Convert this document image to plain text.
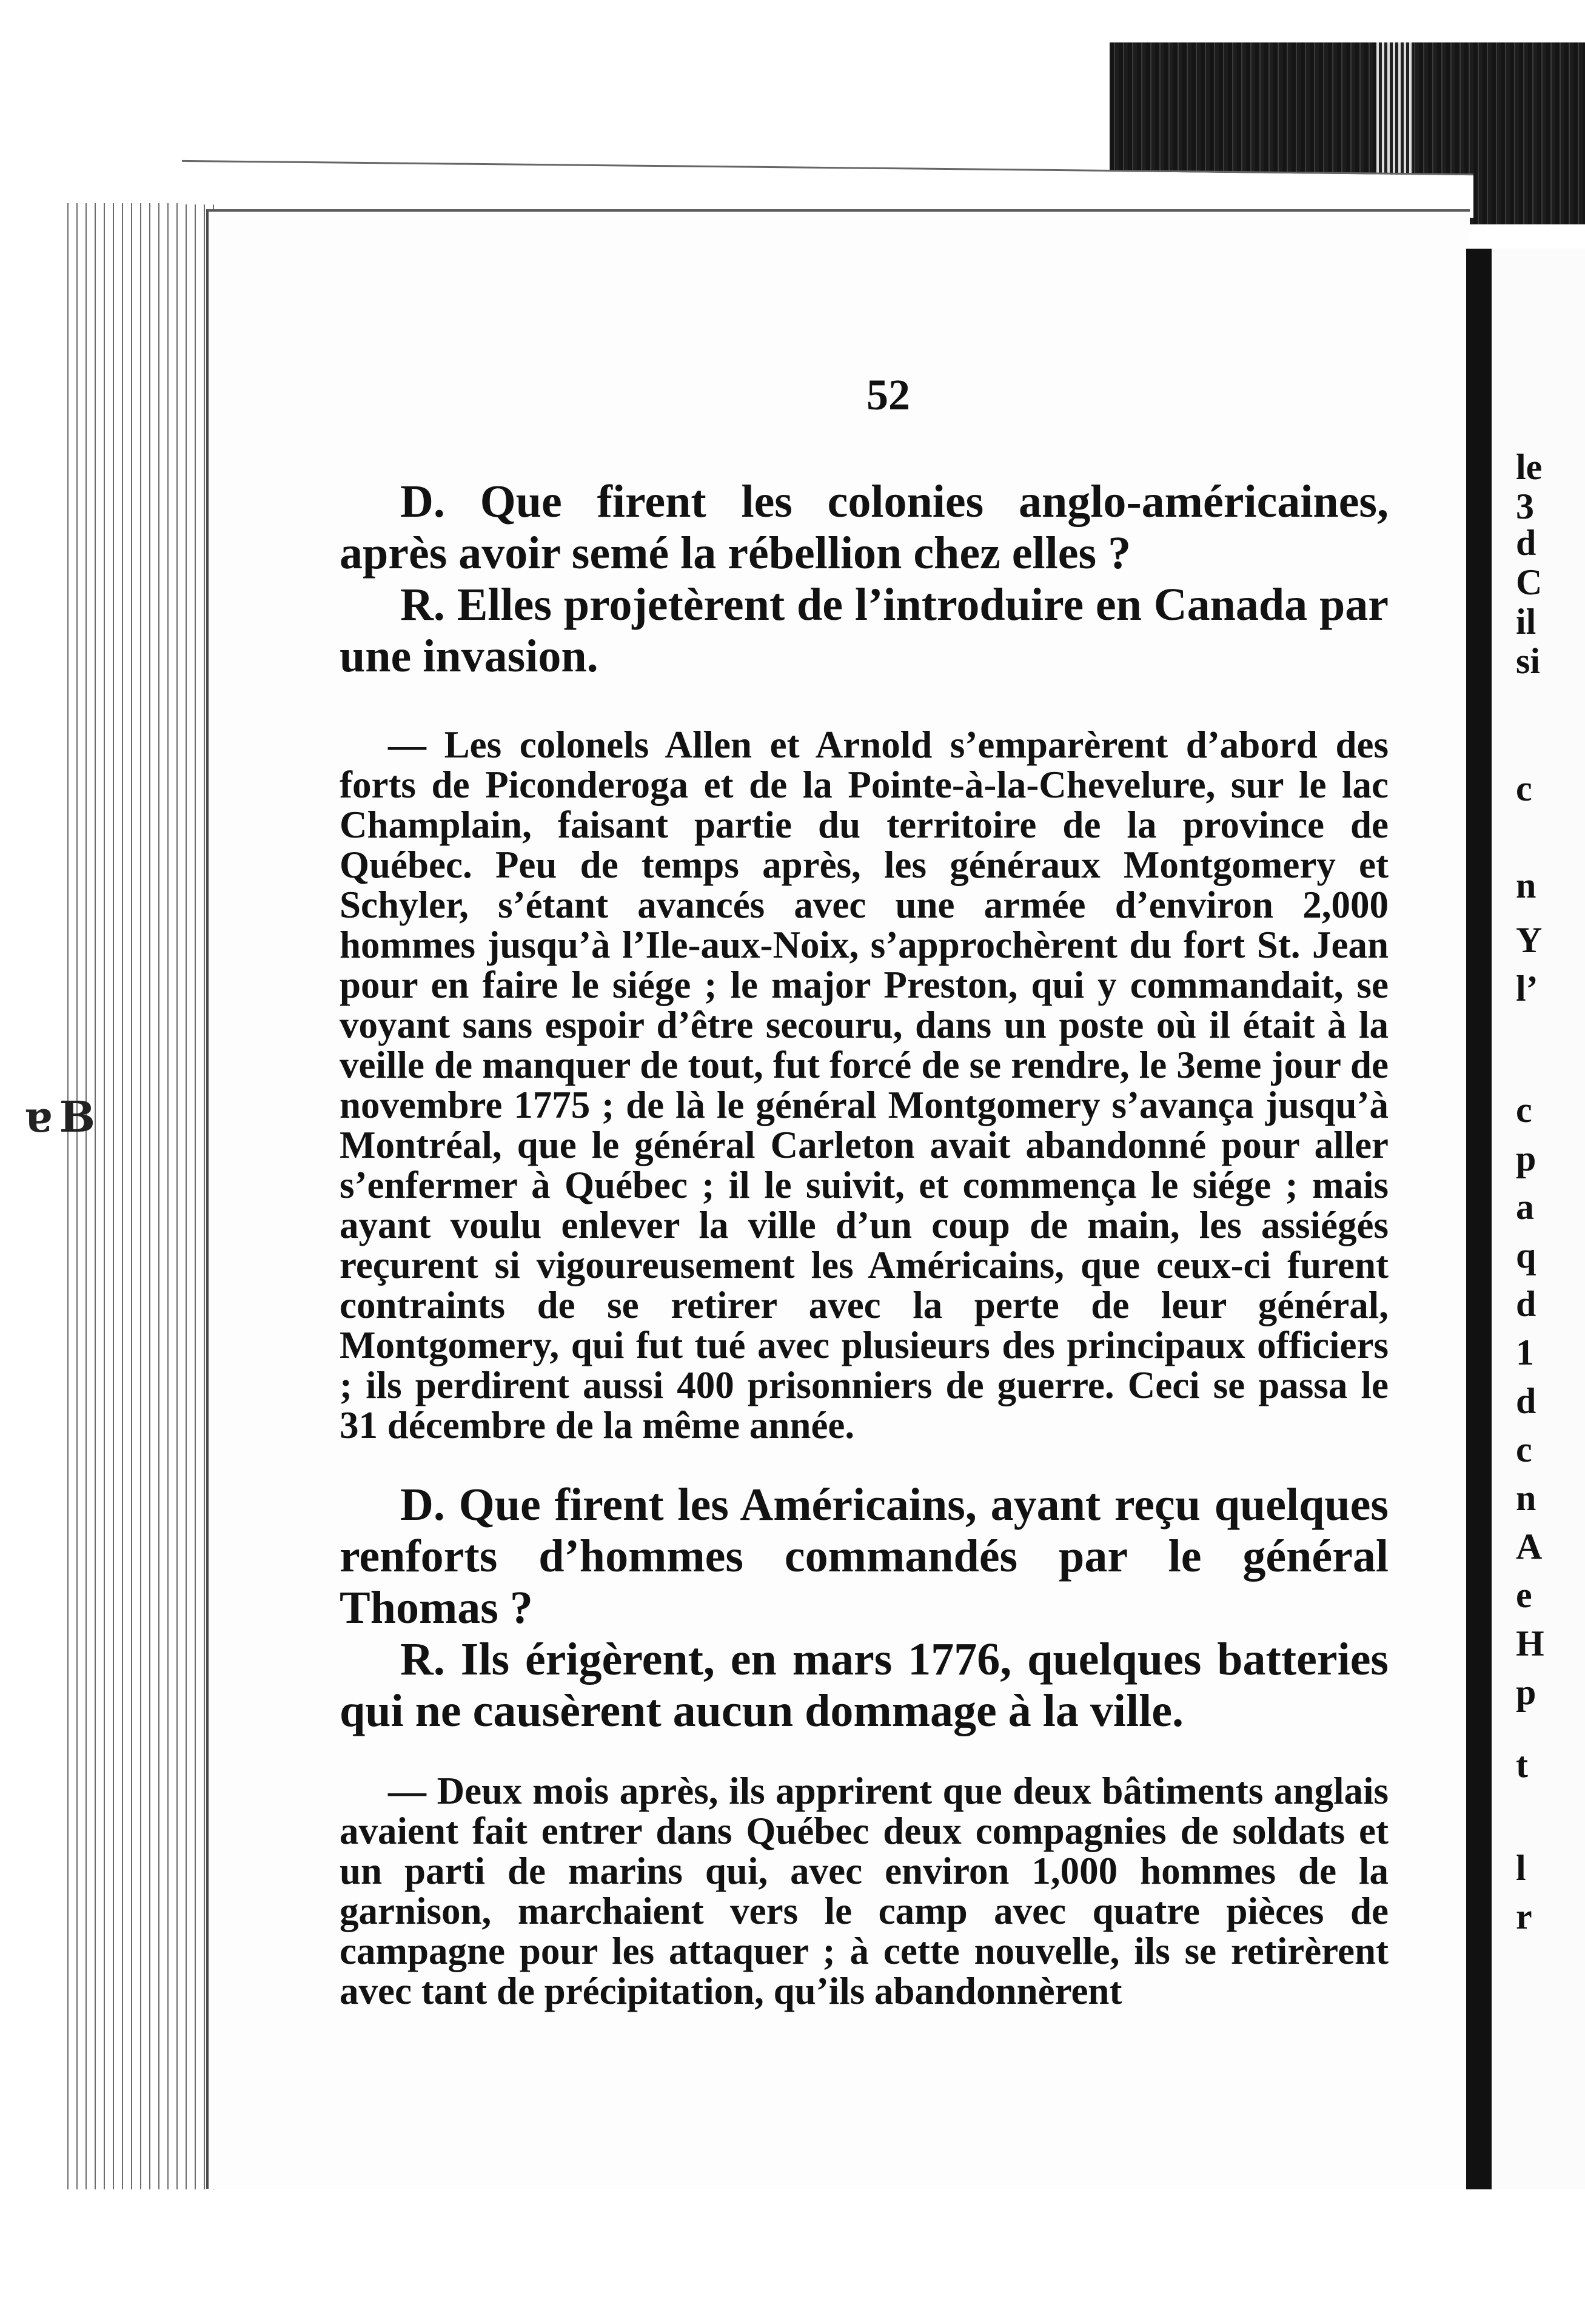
ɐ B
le
3
d
C
il
si
c
n
Y
l’
c
p
a
q
d
1
d
c
n
A
e
H
p
t
l
r
52

D. Que firent les colonies anglo-américaines, après avoir semé la rébellion chez elles ?

R. Elles projetèrent de l’introduire en Canada par une invasion.

— Les colonels Allen et Arnold s’emparèrent d’abord des forts de Piconderoga et de la Pointe-à-la-Chevelure, sur le lac Champlain, faisant partie du territoire de la province de Québec. Peu de temps après, les généraux Montgomery et Schyler, s’étant avancés avec une armée d’environ 2,000 hommes jusqu’à l’Ile-aux-Noix, s’approchèrent du fort St. Jean pour en faire le siége ; le major Preston, qui y commandait, se voyant sans espoir d’être secouru, dans un poste où il était à la veille de manquer de tout, fut forcé de se rendre, le 3eme jour de novembre 1775 ; de là le général Montgomery s’avança jusqu’à Montréal, que le général Carleton avait abandonné pour aller s’enfermer à Québec ; il le suivit, et commença le siége ; mais ayant voulu enlever la ville d’un coup de main, les assiégés reçurent si vigoureusement les Américains, que ceux-ci furent contraints de se retirer avec la perte de leur général, Montgomery, qui fut tué avec plusieurs des principaux officiers ; ils perdirent aussi 400 prisonniers de guerre. Ceci se passa le 31 décembre de la même année.

D. Que firent les Américains, ayant reçu quelques renforts d’hommes commandés par le général Thomas ?

R. Ils érigèrent, en mars 1776, quelques batteries qui ne causèrent aucun dommage à la ville.

— Deux mois après, ils apprirent que deux bâtiments anglais avaient fait entrer dans Québec deux compagnies de soldats et un parti de marins qui, avec environ 1,000 hommes de la garnison, marchaient vers le camp avec quatre pièces de campagne pour les attaquer ; à cette nouvelle, ils se retirèrent avec tant de précipitation, qu’ils abandonnèrent
